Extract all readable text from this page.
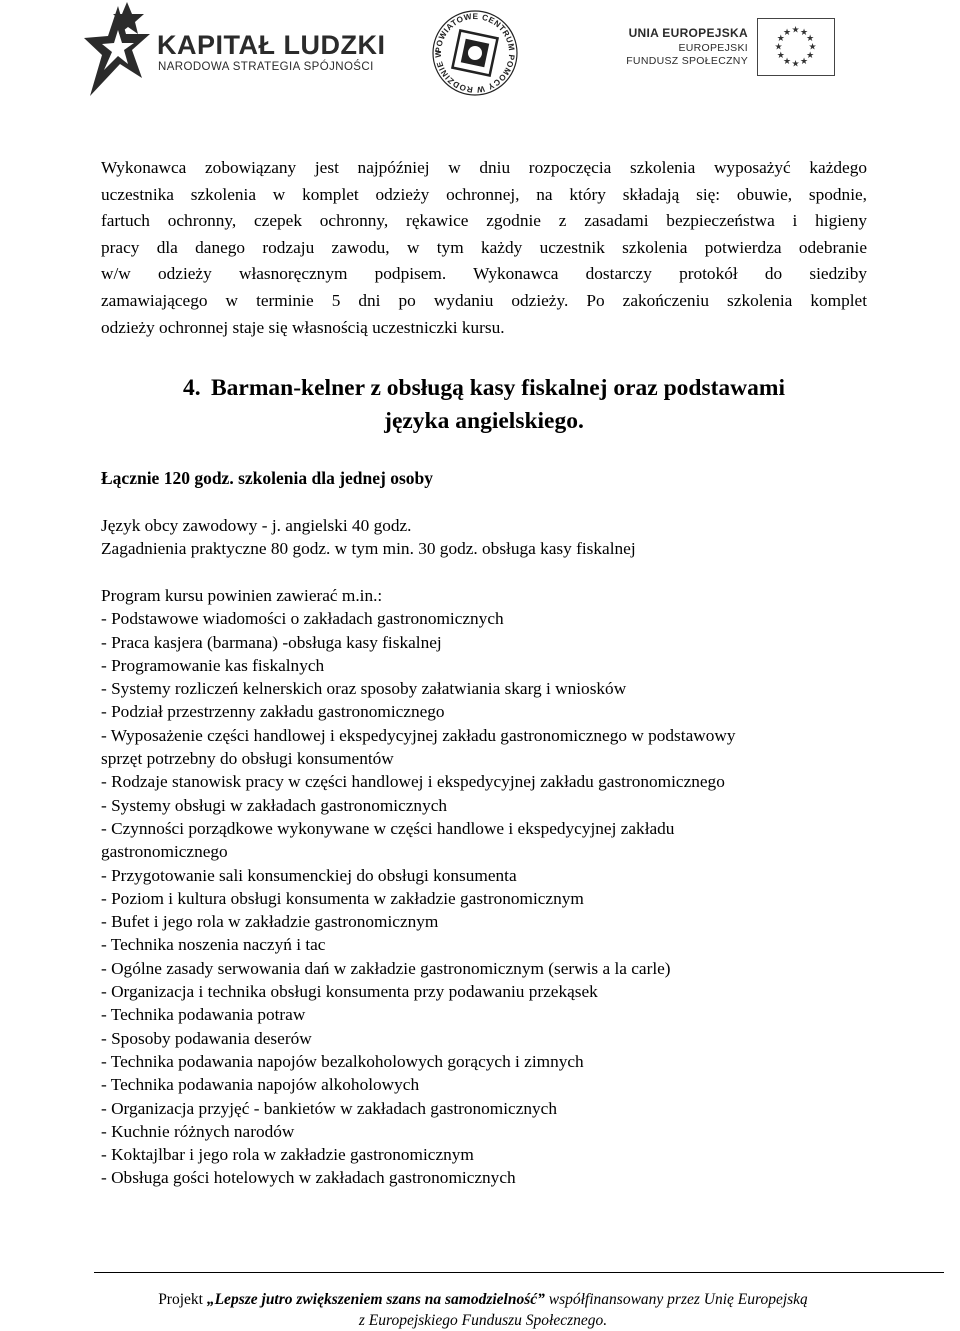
KAPITAŁ LUDZKI
NARODOWA STRATEGIA SPÓJNOŚCI
POWIATOWE CENTRUM POMOCY W RODZINIE W
UNIA EUROPEJSKA
EUROPEJSKI
FUNDUSZ SPOŁECZNY
★
★
★
★
★
★
★
★
★ ★ ★
★
Wykonawca zobowiązany jest najpóźniej w dniu rozpoczęcia szkolenia wyposażyć każdego
uczestnika szkolenia w komplet odzieży ochronnej, na który składają się: obuwie, spodnie,
fartuch ochronny, czepek ochronny, rękawice zgodnie z zasadami bezpieczeństwa i higieny
pracy dla danego rodzaju zawodu, w tym każdy uczestnik szkolenia potwierdza odebranie
w/w odzieży własnoręcznym podpisem. Wykonawca dostarczy protokół do siedziby
zamawiającego w terminie 5 dni po wydaniu odzieży. Po zakończeniu szkolenia komplet
odzieży ochronnej staje się własnością uczestniczki kursu.
4. Barman-kelner z obsługą kasy fiskalnej oraz podstawami
języka angielskiego.
Łącznie 120 godz. szkolenia dla jednej osoby
Język obcy zawodowy - j. angielski 40 godz.
Zagadnienia praktyczne 80 godz. w tym min. 30 godz. obsługa kasy fiskalnej
Program kursu powinien zawierać m.in.:
- Podstawowe wiadomości o zakładach gastronomicznych
- Praca kasjera (barmana) -obsługa kasy fiskalnej
- Programowanie kas fiskalnych
- Systemy rozliczeń kelnerskich oraz sposoby załatwiania skarg i wniosków
- Podział przestrzenny zakładu gastronomicznego
- Wyposażenie części handlowej i ekspedycyjnej zakładu gastronomicznego w podstawowy
sprzęt potrzebny do obsługi konsumentów
- Rodzaje stanowisk pracy w części handlowej i ekspedycyjnej zakładu gastronomicznego
- Systemy obsługi w zakładach gastronomicznych
- Czynności porządkowe wykonywane w części handlowe i ekspedycyjnej zakładu
gastronomicznego
- Przygotowanie sali konsumenckiej do obsługi konsumenta
- Poziom i kultura obsługi konsumenta w zakładzie gastronomicznym
- Bufet i jego rola w zakładzie gastronomicznym
- Technika noszenia naczyń i tac
- Ogólne zasady serwowania dań w zakładzie gastronomicznym (serwis a la carle)
- Organizacja i technika obsługi konsumenta przy podawaniu przekąsek
- Technika podawania potraw
- Sposoby podawania deserów
- Technika podawania napojów bezalkoholowych gorących i zimnych
- Technika podawania napojów alkoholowych
- Organizacja przyjęć - bankietów w zakładach gastronomicznych
- Kuchnie różnych narodów
- Koktajlbar i jego rola w zakładzie gastronomicznym
- Obsługa gości hotelowych w zakładach gastronomicznych
Projekt „Lepsze jutro zwiększeniem szans na samodzielność” współfinansowany przez Unię Europejską
z Europejskiego Funduszu Społecznego.
